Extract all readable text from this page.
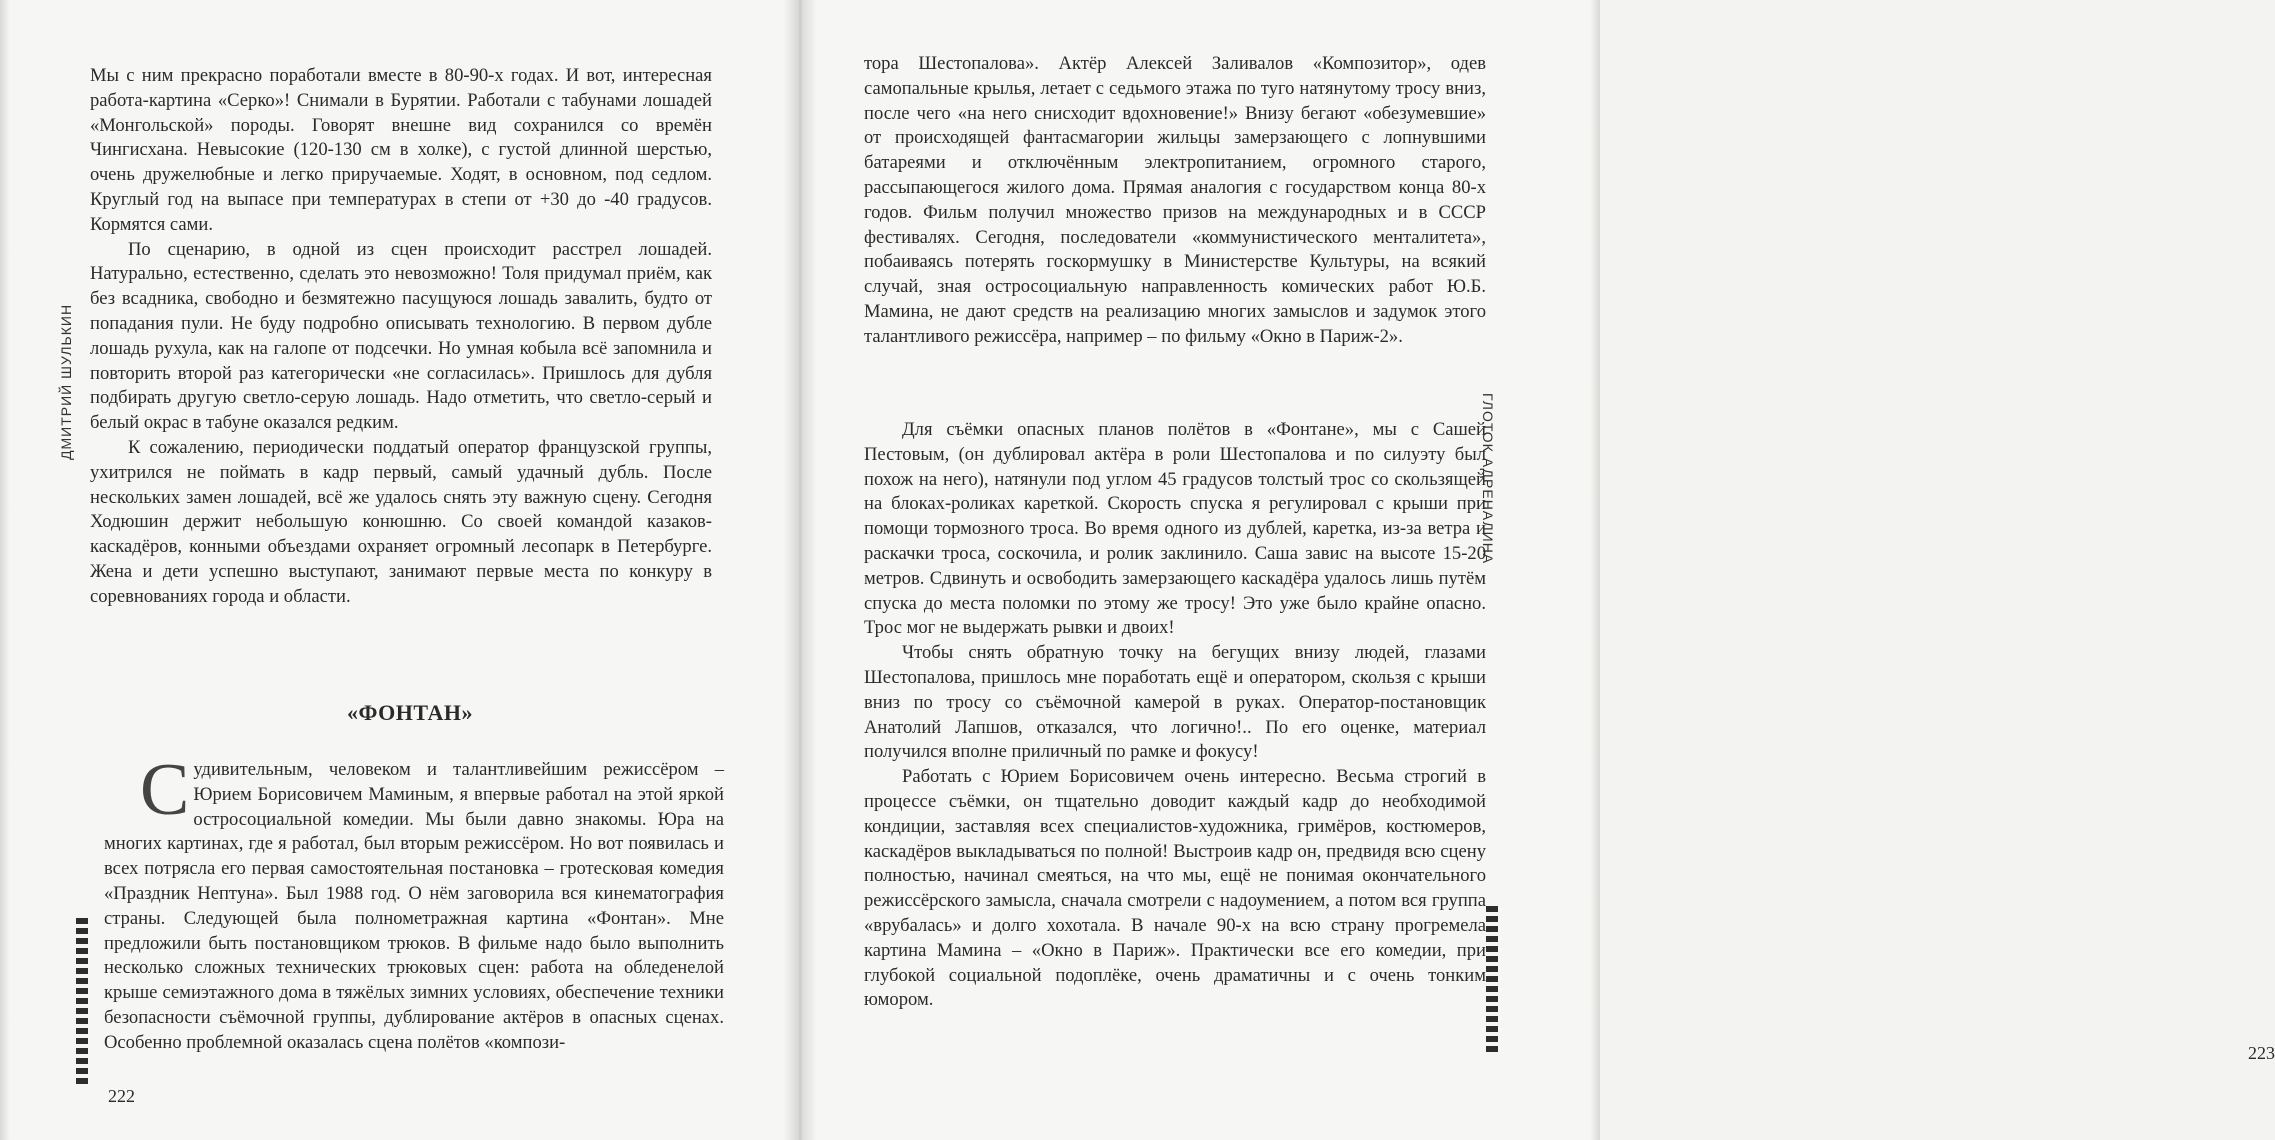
ДМИТРИЙ ШУЛЬКИН

Мы с ним прекрасно поработали вместе в 80-90-х годах. И вот, интересная работа-картина «Серко»! Снимали в Бурятии. Работали с табунами лошадей «Монгольской» породы. Говорят внешне вид сохранился со времён Чингисхана. Невысокие (120-130 см в холке), с густой длинной шерстью, очень дружелюбные и легко приручаемые. Ходят, в основном, под седлом. Круглый год на выпасе при температурах в степи от +30 до -40 градусов. Кормятся сами.

По сценарию, в одной из сцен происходит расстрел лошадей. Натурально, естественно, сделать это невозможно! Толя придумал приём, как без всадника, свободно и безмятежно пасущуюся лошадь завалить, будто от попадания пули. Не буду подробно описывать технологию. В первом дубле лошадь рухула, как на галопе от подсечки. Но умная кобыла всё запомнила и повторить второй раз категорически «не согласилась». Пришлось для дубля подбирать другую светло-серую лошадь. Надо отметить, что светло-серый и белый окрас в табуне оказался редким.

К сожалению, периодически поддатый оператор французской группы, ухитрился не поймать в кадр первый, самый удачный дубль. После нескольких замен лошадей, всё же удалось снять эту важную сцену. Сегодня Ходюшин держит небольшую конюшню. Со своей командой казаков-каскадёров, конными объездами охраняет огромный лесопарк в Петербурге. Жена и дети успешно выступают, занимают первые места по конкуру в соревнованиях города и области.

«ФОНТАН»
С удивительным, человеком и талантливейшим режиссёром – Юрием Борисовичем Маминым, я впервые работал на этой яркой остросоциальной комедии. Мы были давно знакомы. Юра на многих картинах, где я работал, был вторым режиссёром. Но вот появилась и всех потрясла его первая самостоятельная постановка – гротесковая комедия «Праздник Нептуна». Был 1988 год. О нём заговорила вся кинематография страны. Следующей была полнометражная картина «Фонтан». Мне предложили быть постановщиком трюков. В фильме надо было выполнить несколько сложных технических трюковых сцен: работа на обледенелой крыше семиэтажного дома в тяжёлых зимних условиях, обеспечение техники безопасности съёмочной группы, дублирование актёров в опасных сценах. Особенно проблемной оказалась сцена полётов «компози-

222

тора Шестопалова». Актёр Алексей Заливалов «Композитор», одев самопальные крылья, летает с седьмого этажа по туго натянутому тросу вниз, после чего «на него снисходит вдохновение!» Внизу бегают «обезумевшие» от происходящей фантасмагории жильцы замерзающего с лопнувшими батареями и отключённым электропитанием, огромного старого, рассыпающегося жилого дома. Прямая аналогия с государством конца 80-х годов. Фильм получил множество призов на международных и в СССР фестивалях. Сегодня, последователи «коммунистического менталитета», побаиваясь потерять госкормушку в Министерстве Культуры, на всякий случай, зная остросоциальную направленность комических работ Ю.Б. Мамина, не дают средств на реализацию многих замыслов и задумок этого талантливого режиссёра, например – по фильму «Окно в Париж-2».

Для съёмки опасных планов полётов в «Фонтане», мы с Сашей Пестовым, (он дублировал актёра в роли Шестопалова и по силуэту был похож на него), натянули под углом 45 градусов толстый трос со скользящей на блоках-роликах кареткой. Скорость спуска я регулировал с крыши при помощи тормозного троса. Во время одного из дублей, каретка, из-за ветра и раскачки троса, соскочила, и ролик заклинило. Саша завис на высоте 15-20 метров. Сдвинуть и освободить замерзающего каскадёра удалось лишь путём спуска до места поломки по этому же тросу! Это уже было крайне опасно. Трос мог не выдержать рывки и двоих!

Чтобы снять обратную точку на бегущих внизу людей, глазами Шестопалова, пришлось мне поработать ещё и оператором, скользя с крыши вниз по тросу со съёмочной камерой в руках. Оператор-постановщик Анатолий Лапшов, отказался, что логично!.. По его оценке, материал получился вполне приличный по рамке и фокусу!

Работать с Юрием Борисовичем очень интересно. Весьма строгий в процессе съёмки, он тщательно доводит каждый кадр до необходимой кондиции, заставляя всех специалистов-художника, гримёров, костюмеров, каскадёров выкладываться по полной! Выстроив кадр он, предвидя всю сцену полностью, начинал смеяться, на что мы, ещё не понимая окончательного режиссёрского замысла, сначала смотрели с надоумением, а потом вся группа «врубалась» и долго хохотала. В начале 90-х на всю страну прогремела картина Мамина – «Окно в Париж». Практически все его комедии, при глубокой социальной подоплёке, очень драматичны и с очень тонким юмором.

223
ГЛОТОК АДРЕНАЛИНА
